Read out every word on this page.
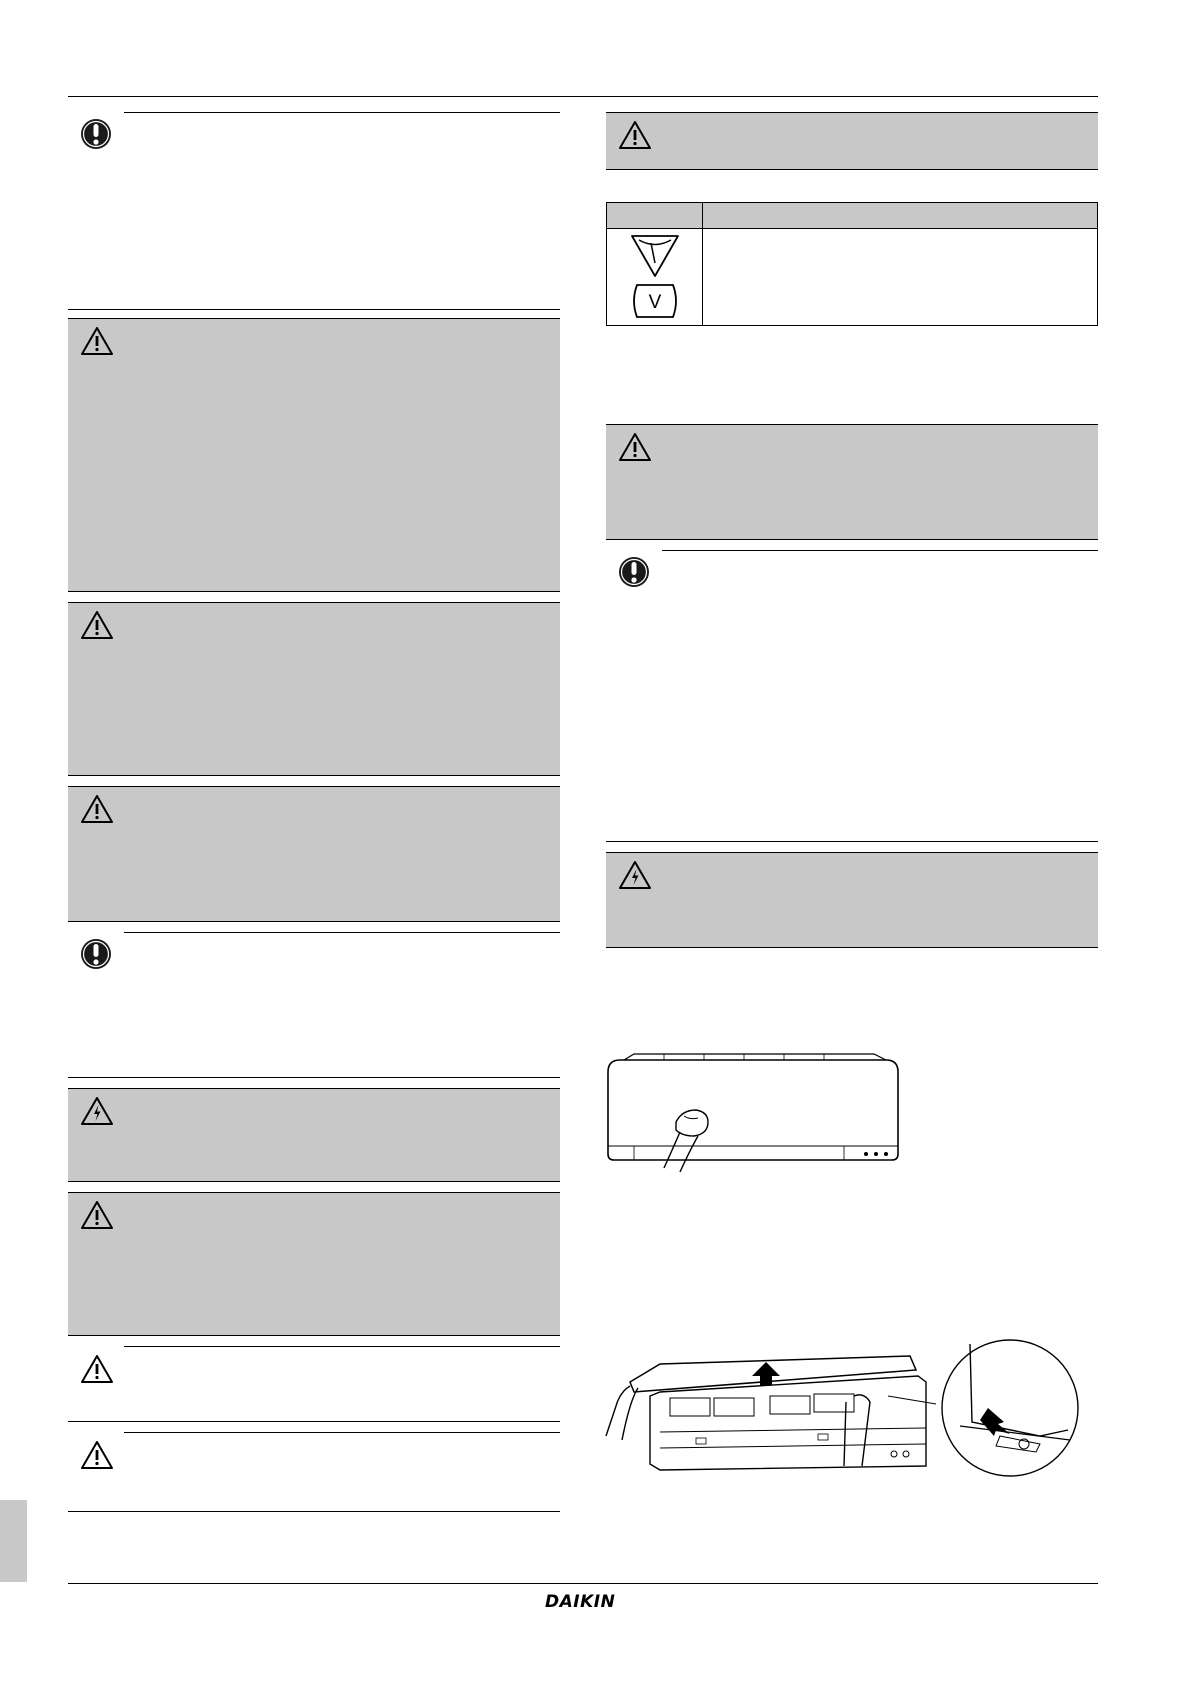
V
DAIKIN
